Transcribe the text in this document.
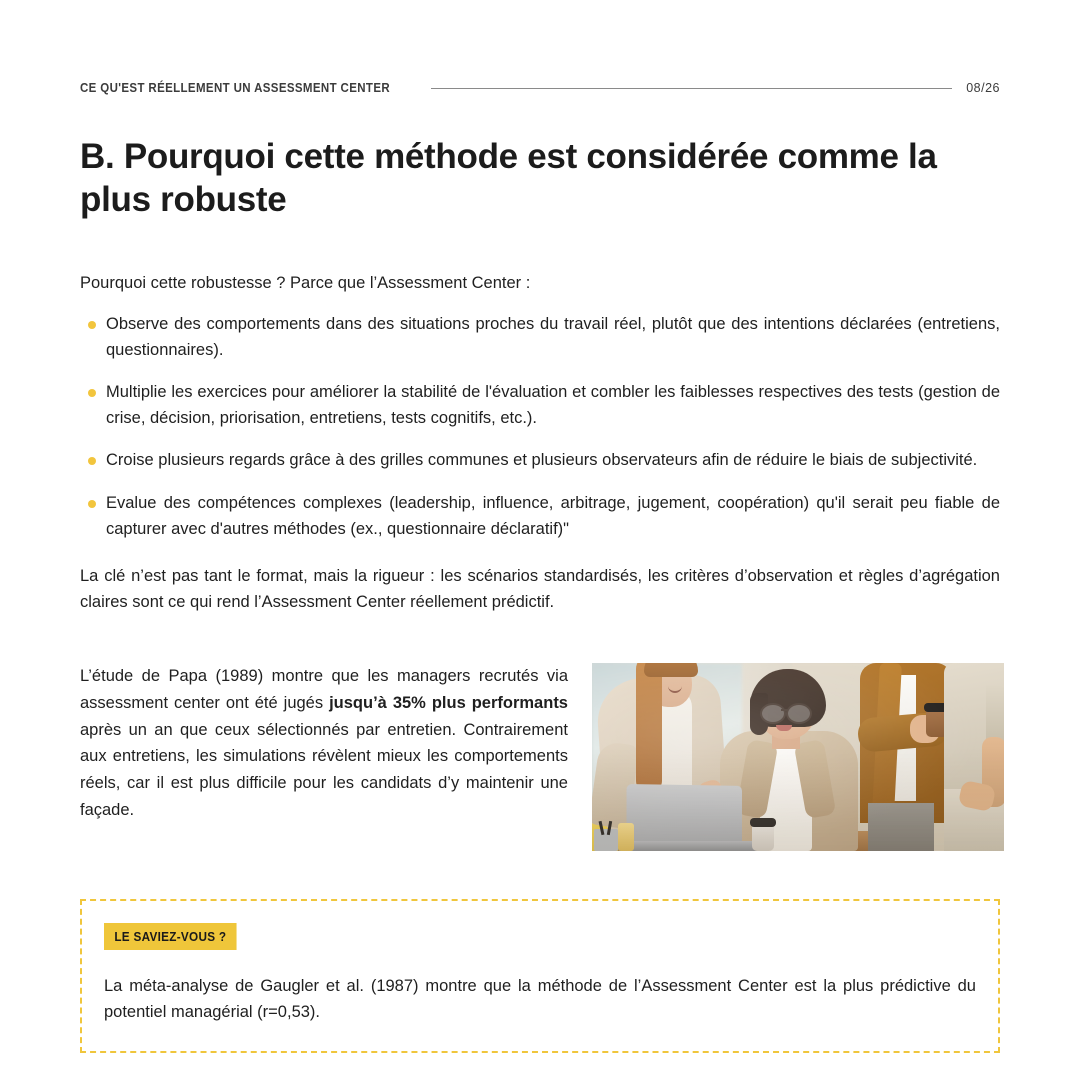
CE QU'EST RÉELLEMENT UN ASSESSMENT CENTER	08/26
B. Pourquoi cette méthode est considérée comme la plus robuste

Pourquoi cette robustesse ? Parce que l’Assessment Center :

Observe des comportements dans des situations proches du travail réel, plutôt que des intentions déclarées (entretiens, questionnaires).
Multiplie les exercices pour améliorer la stabilité de l'évaluation et combler les faiblesses respectives des tests (gestion de crise, décision, priorisation, entretiens, tests cognitifs, etc.).
Croise plusieurs regards grâce à des grilles communes et plusieurs observateurs afin de réduire le biais de subjectivité.
Evalue des compétences complexes (leadership, influence, arbitrage, jugement, coopération) qu'il serait peu fiable de capturer avec d'autres méthodes (ex., questionnaire déclaratif)"

La clé n’est pas tant le format, mais la rigueur : les scénarios standardisés, les critères d’observation et règles d’agrégation claires sont ce qui rend l’Assessment Center réellement prédictif.

L’étude de Papa (1989) montre que les managers recrutés via assessment center ont été jugés jusqu’à 35% plus performants après un an que ceux sélectionnés par entretien. Contrairement aux entretiens, les simulations révèlent mieux les comportements réels, car il est plus difficile pour les candidats d’y maintenir une façade.
LE SAVIEZ-VOUS ?

La méta-analyse de Gaugler et al. (1987) montre que la méthode de l’Assessment Center est la plus prédictive du potentiel managérial (r=0,53).
